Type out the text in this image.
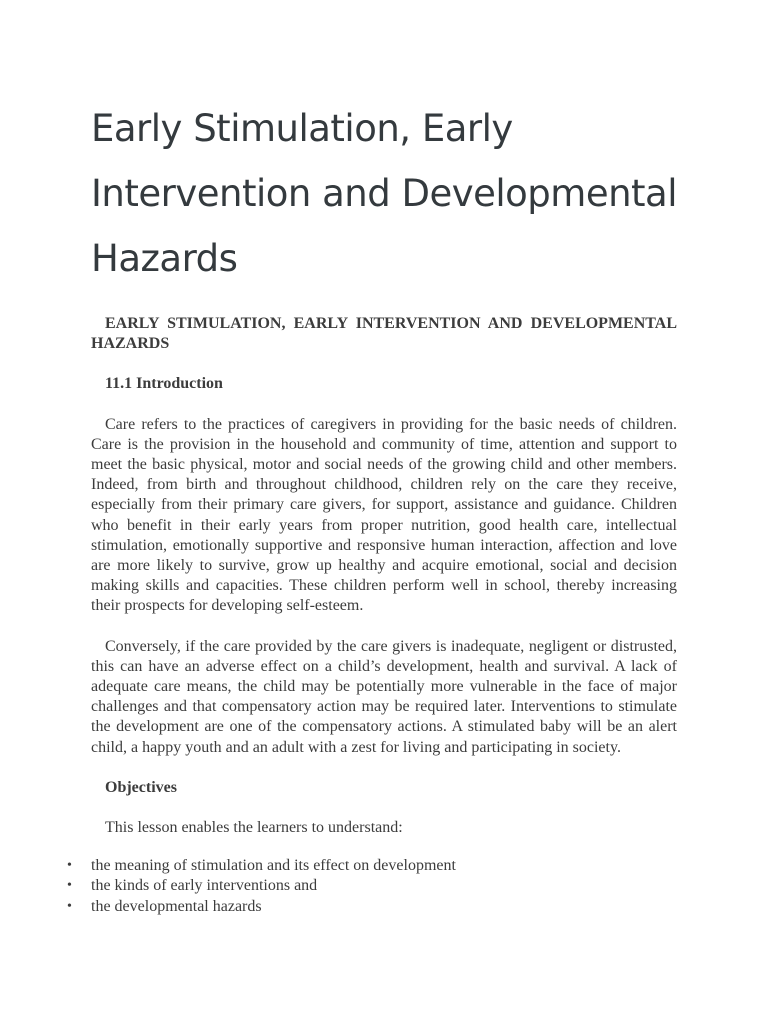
Early Stimulation, Early Intervention and Developmental Hazards
EARLY STIMULATION, EARLY INTERVENTION AND DEVELOPMENTAL HAZARDS
11.1 Introduction

Care refers to the practices of caregivers in providing for the basic needs of children. Care is the provision in the household and community of time, attention and support to meet the basic physical, motor and social needs of the growing child and other members. Indeed, from birth and throughout childhood, children rely on the care they receive, especially from their primary care givers, for support, assistance and guidance. Children who benefit in their early years from proper nutrition, good health care, intellectual stimulation, emotionally supportive and responsive human interaction, affection and love are more likely to survive, grow up healthy and acquire emotional, social and decision making skills and capacities. These children perform well in school, thereby increasing their prospects for developing self-esteem.

Conversely, if the care provided by the care givers is inadequate, negligent or distrusted, this can have an adverse effect on a child’s development, health and survival. A lack of adequate care means, the child may be potentially more vulnerable in the face of major challenges and that compensatory action may be required later. Interventions to stimulate the development are one of the compensatory actions. A stimulated baby will be an alert child, a happy youth and an adult with a zest for living and participating in society.

Objectives
This lesson enables the learners to understand:
• the meaning of stimulation and its effect on development
• the kinds of early interventions and
• the developmental hazards
